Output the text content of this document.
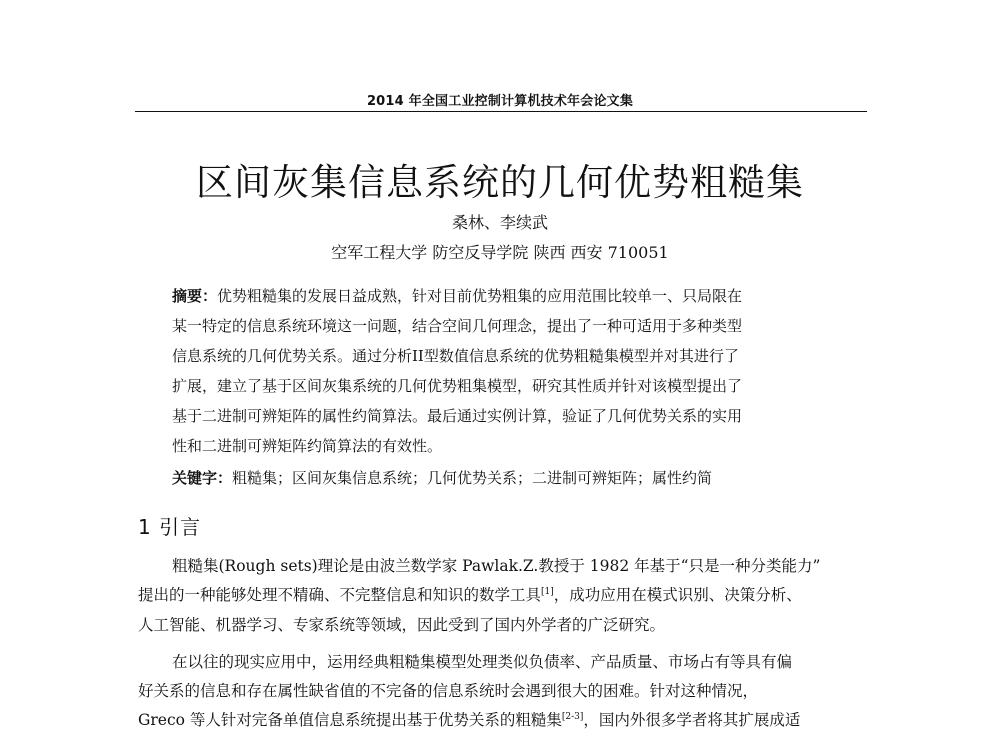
2014 年全国工业控制计算机技术年会论文集
区间灰集信息系统的几何优势粗糙集
桑林、李续武
空军工程大学 防空反导学院 陕西 西安 710051
摘要：优势粗糙集的发展日益成熟，针对目前优势粗集的应用范围比较单一、只局限在
某一特定的信息系统环境这一问题，结合空间几何理念，提出了一种可适用于多种类型
信息系统的几何优势关系。通过分析II型数值信息系统的优势粗糙集模型并对其进行了
扩展，建立了基于区间灰集系统的几何优势粗集模型，研究其性质并针对该模型提出了
基于二进制可辨矩阵的属性约简算法。最后通过实例计算，验证了几何优势关系的实用
性和二进制可辨矩阵约简算法的有效性。
关键字：粗糙集；区间灰集信息系统；几何优势关系；二进制可辨矩阵；属性约简
1 引言
粗糙集(Rough sets)理论是由波兰数学家 Pawlak.Z.教授于 1982 年基于“只是一种分类能力”
提出的一种能够处理不精确、不完整信息和知识的数学工具[1]，成功应用在模式识别、决策分析、
人工智能、机器学习、专家系统等领域，因此受到了国内外学者的广泛研究。
在以往的现实应用中，运用经典粗糙集模型处理类似负债率、产品质量、市场占有等具有偏
好关系的信息和存在属性缺省值的不完备的信息系统时会遇到很大的困难。针对这种情况，
Greco 等人针对完备单值信息系统提出基于优势关系的粗糙集[2-3]，国内外很多学者将其扩展成适
